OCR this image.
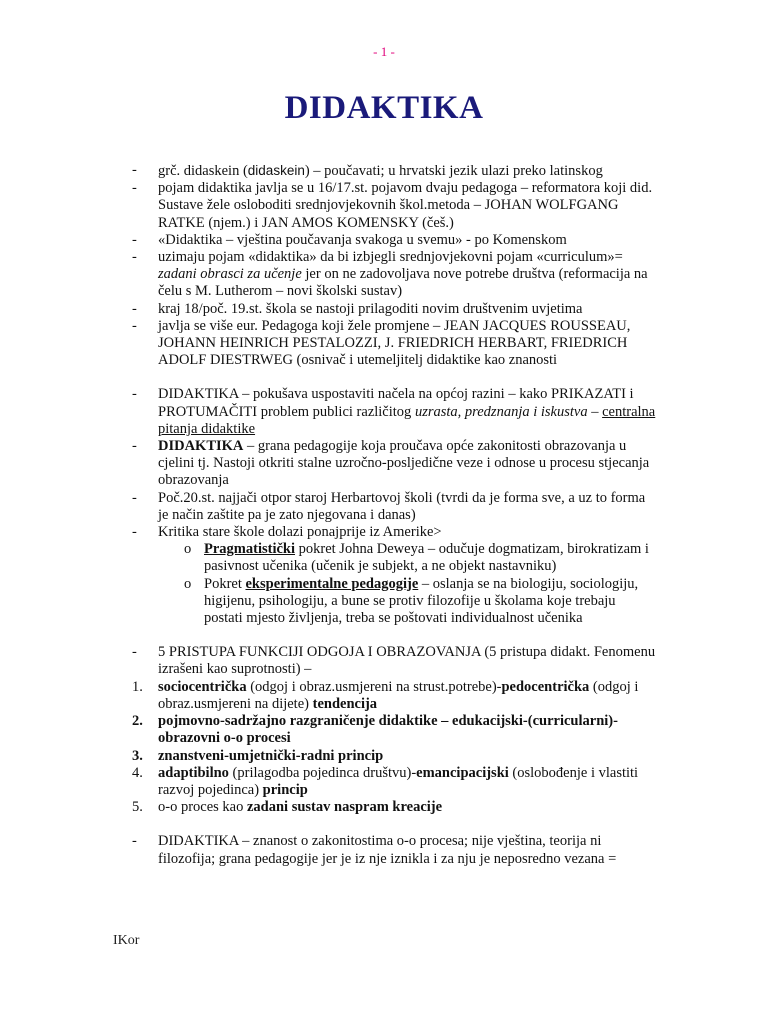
- 1 -
DIDAKTIKA
- grč. didaskein (didaskein) – poučavati; u hrvatski jezik ulazi preko latinskog
- pojam didaktika javlja se u 16/17.st. pojavom dvaju pedagoga – reformatora koji did. Sustave žele osloboditi srednjovjekovnih škol.metoda – JOHAN WOLFGANG RATKE (njem.) i JAN AMOS KOMENSKY (češ.)
- «Didaktika – vještina poučavanja svakoga u svemu» - po Komenskom
- uzimaju pojam «didaktika» da bi izbjegli srednjovjekovni pojam «curriculum»= zadani obrasci za učenje jer on ne zadovoljava nove potrebe društva (reformacija na čelu s M. Lutherom – novi školski sustav)
- kraj 18/poč. 19.st. škola se nastoji prilagoditi novim društvenim uvjetima
- javlja se više eur. Pedagoga koji žele promjene – JEAN JACQUES ROUSSEAU, JOHANN HEINRICH PESTALOZZI, J. FRIEDRICH HERBART, FRIEDRICH ADOLF DIESTRWEG (osnivač i utemeljitelj didaktike kao znanosti
- DIDAKTIKA – pokušava uspostaviti načela na općoj razini – kako PRIKAZATI i PROTUMAČITI problem publici različitog uzrasta, predznanja i iskustva – centralna pitanja didaktike
- DIDAKTIKA – grana pedagogije koja proučava opće zakonitosti obrazovanja u cjelini tj. Nastoji otkriti stalne uzročno-posljedične veze i odnose u procesu stjecanja obrazovanja
- Poč.20.st. najjači otpor staroj Herbartovoj školi (tvrdi da je forma sve, a uz to forma je način zaštite pa je zato njegovana i danas)
- Kritika stare škole dolazi ponajprije iz Amerike>
o Pragmatistički pokret Johna Deweya – odučuje dogmatizam, birokratizam i pasivnost učenika (učenik je subjekt, a ne objekt nastavniku)
o Pokret eksperimentalne pedagogije – oslanja se na biologiju, sociologiju, higijenu, psihologiju, a bune se protiv filozofije u školama koje trebaju postati mjesto življenja, treba se poštovati individualnost učenika
- 5 PRISTUPA FUNKCIJI ODGOJA I OBRAZOVANJA (5 pristupa didakt. Fenomenu izrašeni kao suprotnosti) –
1. sociocentrička (odgoj i obraz.usmjereni na strust.potrebe)-pedocentrička (odgoj i obraz.usmjereni na dijete) tendencija
2. pojmovno-sadržajno razgraničenje didaktike – edukacijski-(curricularni)-obrazovni o-o procesi
3. znanstveni-umjetnički-radni princip
4. adaptibilno (prilagodba pojedinca društvu)-emancipacijski (oslobođenje i vlastiti razvoj pojedinca) princip
5. o-o proces kao zadani sustav naspram kreacije
- DIDAKTIKA – znanost o zakonitostima o-o procesa; nije vještina, teorija ni filozofija; grana pedagogije jer je iz nje iznikla i za nju je neposredno vezana =
IKor
